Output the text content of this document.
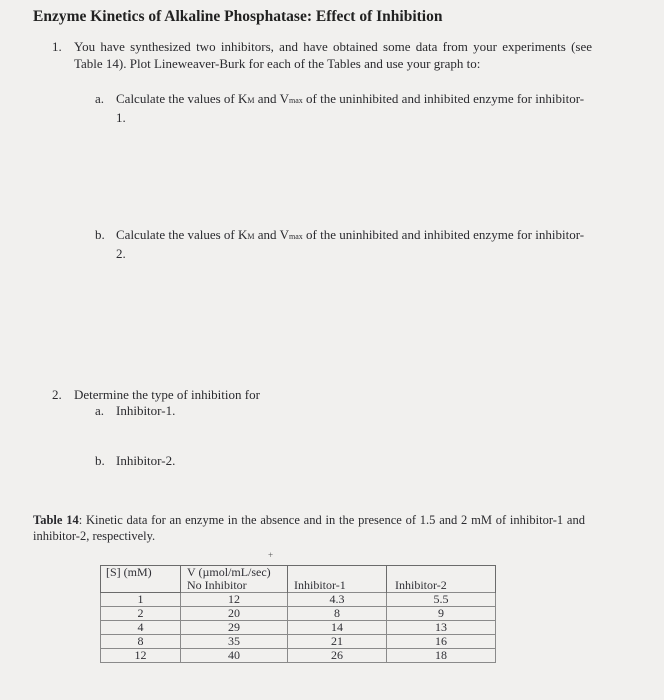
Enzyme Kinetics of Alkaline Phosphatase: Effect of Inhibition
1. You have synthesized two inhibitors, and have obtained some data from your experiments (see Table 14). Plot Lineweaver-Burk for each of the Tables and use your graph to:
a. Calculate the values of KM and Vmax of the uninhibited and inhibited enzyme for inhibitor-1.
b. Calculate the values of KM and Vmax of the uninhibited and inhibited enzyme for inhibitor-2.
2. Determine the type of inhibition for
a. Inhibitor-1.
b. Inhibitor-2.
Table 14: Kinetic data for an enzyme in the absence and in the presence of 1.5 and 2 mM of inhibitor-1 and inhibitor-2, respectively.
+
[S] (mM)	V (µmol/mL/sec)		
	No Inhibitor	Inhibitor-1	Inhibitor-2
1	12	4.3	5.5
2	20	8	9
4	29	14	13
8	35	21	16
12	40	26	18
